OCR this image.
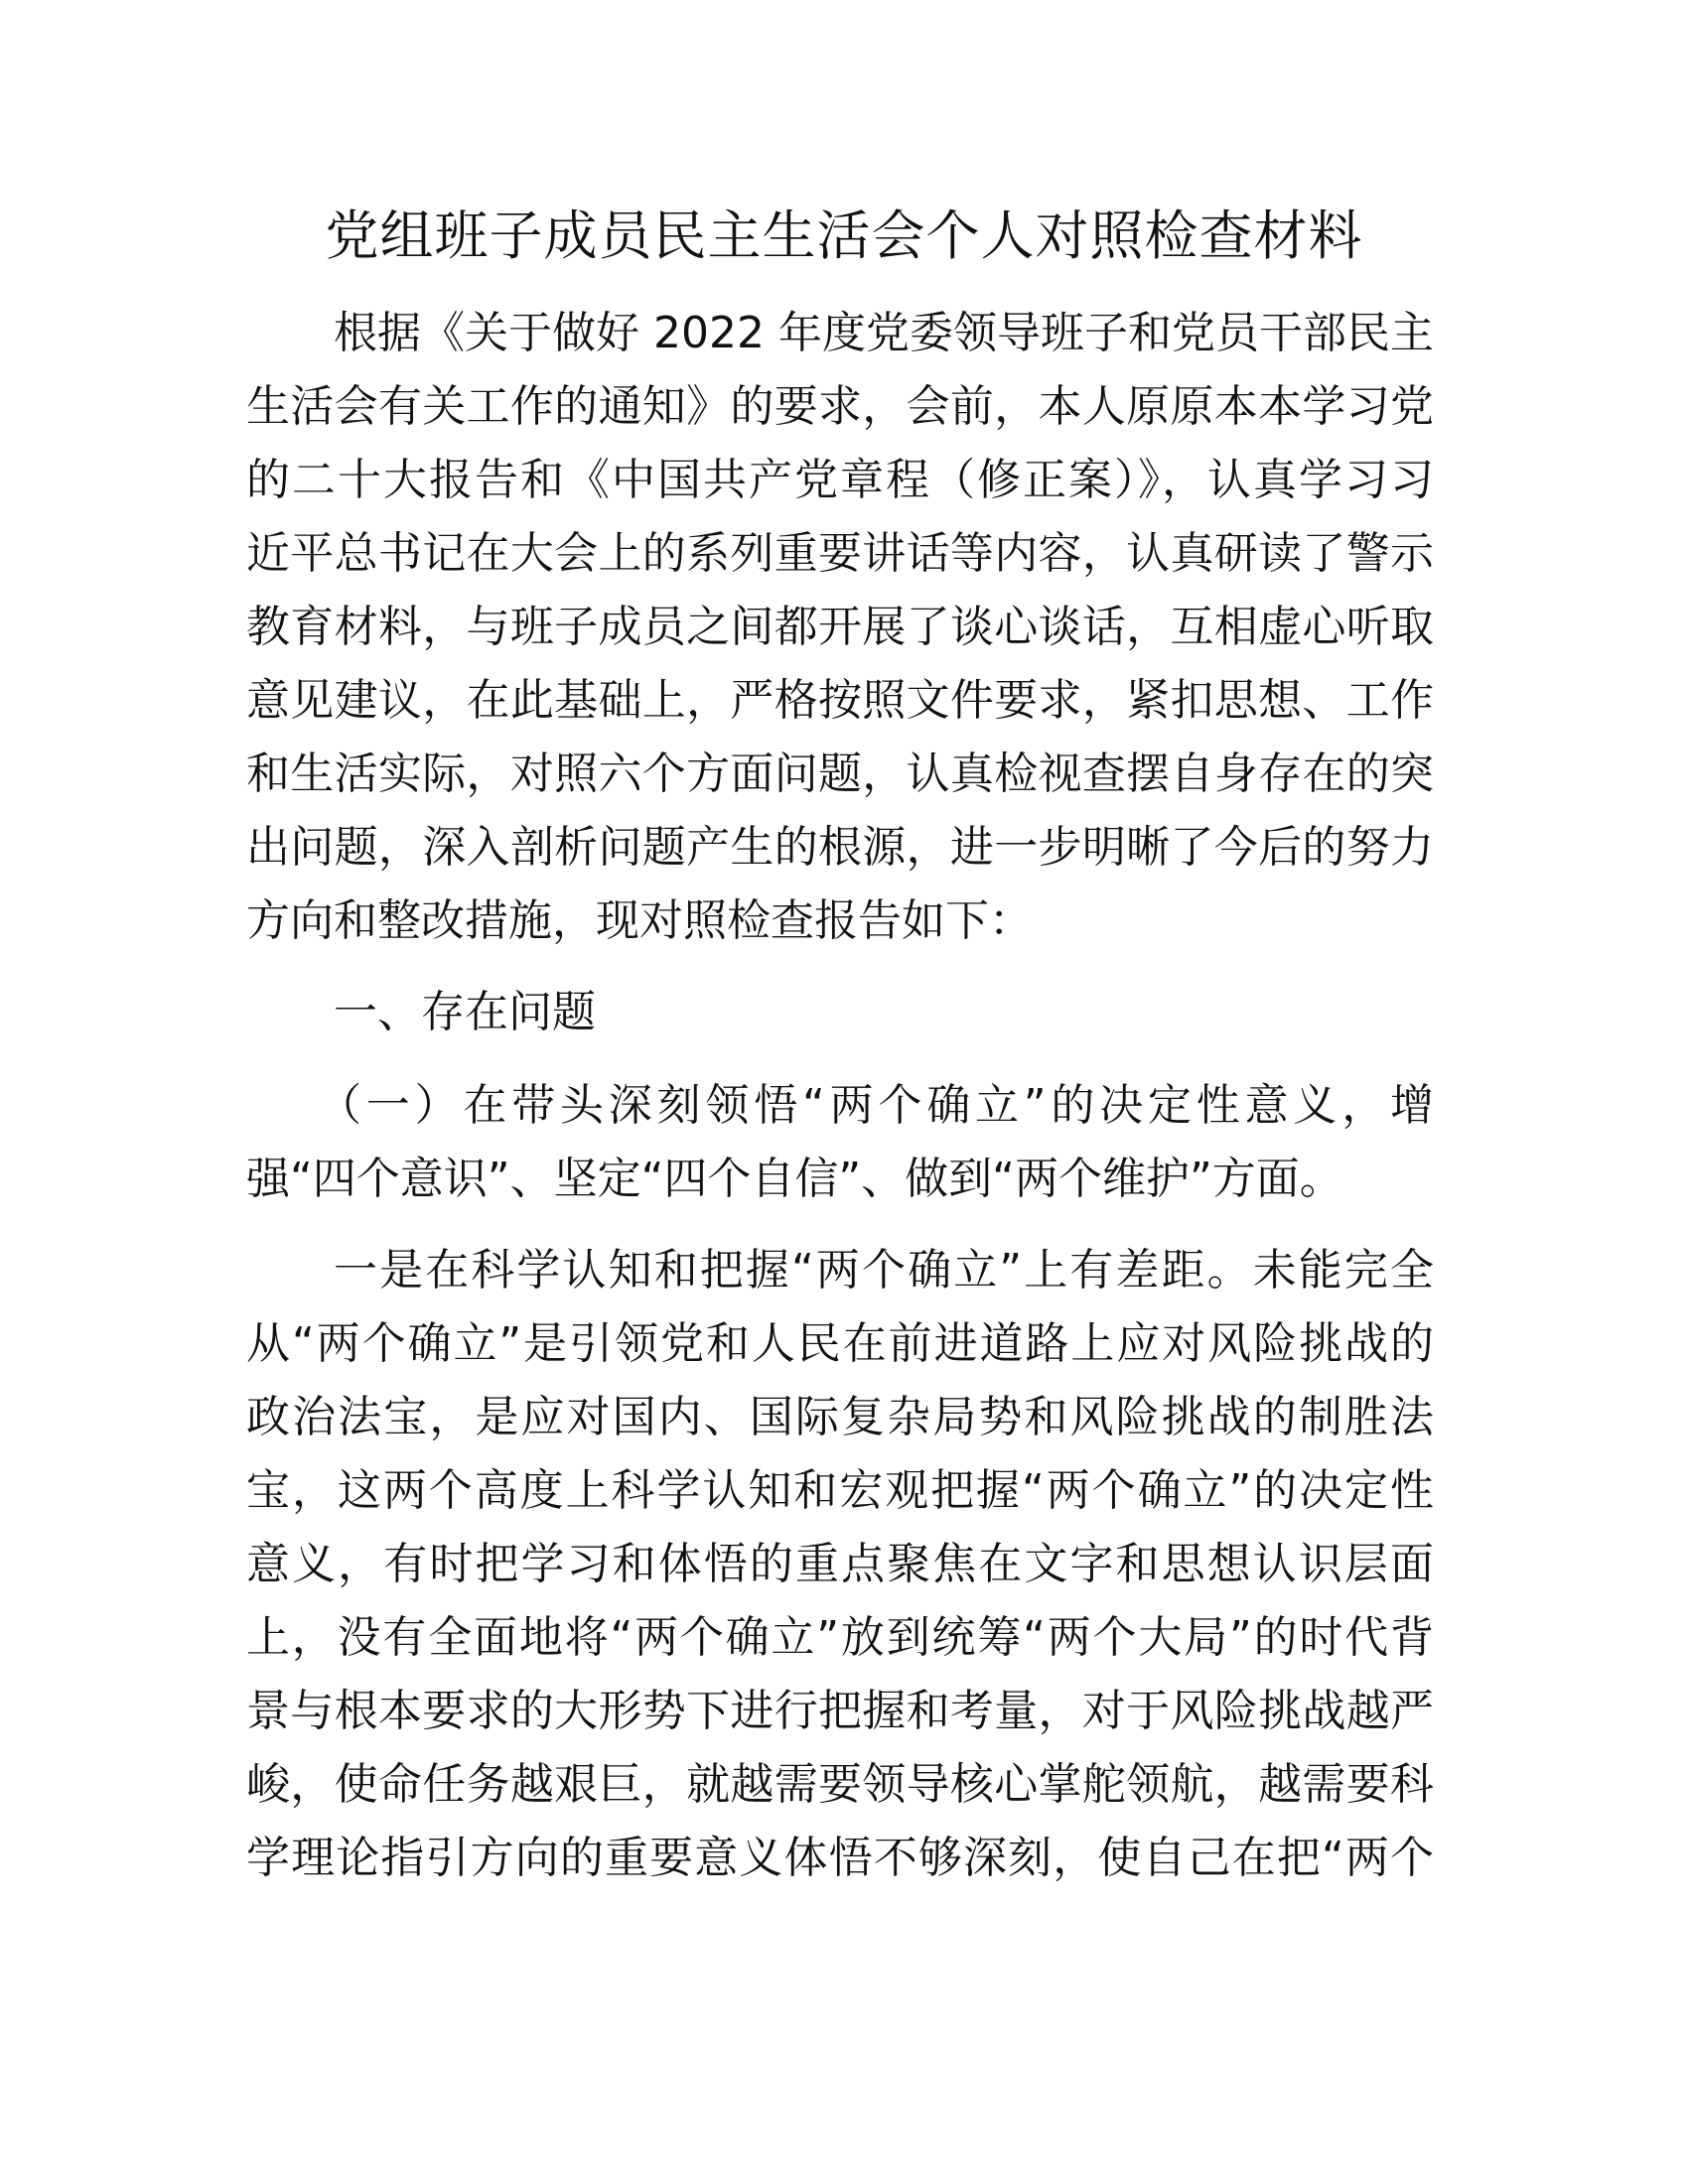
党组班子成员民主生活会个人对照检查材料

根据《关于做好 2022 年度党委领导班子和党员干部民主

生活会有关工作的通知》的要求，会前，本人原原本本学习党

的二十大报告和《中国共产党章程（修正案）》，认真学习习

近平总书记在大会上的系列重要讲话等内容，认真研读了警示

教育材料，与班子成员之间都开展了谈心谈话，互相虚心听取

意见建议，在此基础上，严格按照文件要求，紧扣思想、工作

和生活实际，对照六个方面问题，认真检视查摆自身存在的突

出问题，深入剖析问题产生的根源，进一步明晰了今后的努力

方向和整改措施，现对照检查报告如下：

一、存在问题

（一）在带头深刻领悟“两个确立”的决定性意义，增

强“四个意识”、坚定“四个自信”、做到“两个维护”方面。

一是在科学认知和把握“两个确立”上有差距。未能完全

从“两个确立”是引领党和人民在前进道路上应对风险挑战的

政治法宝，是应对国内、国际复杂局势和风险挑战的制胜法

宝，这两个高度上科学认知和宏观把握“两个确立”的决定性

意义，有时把学习和体悟的重点聚焦在文字和思想认识层面

上，没有全面地将“两个确立”放到统筹“两个大局”的时代背

景与根本要求的大形势下进行把握和考量，对于风险挑战越严

峻，使命任务越艰巨，就越需要领导核心掌舵领航，越需要科

学理论指引方向的重要意义体悟不够深刻，使自己在把“两个
